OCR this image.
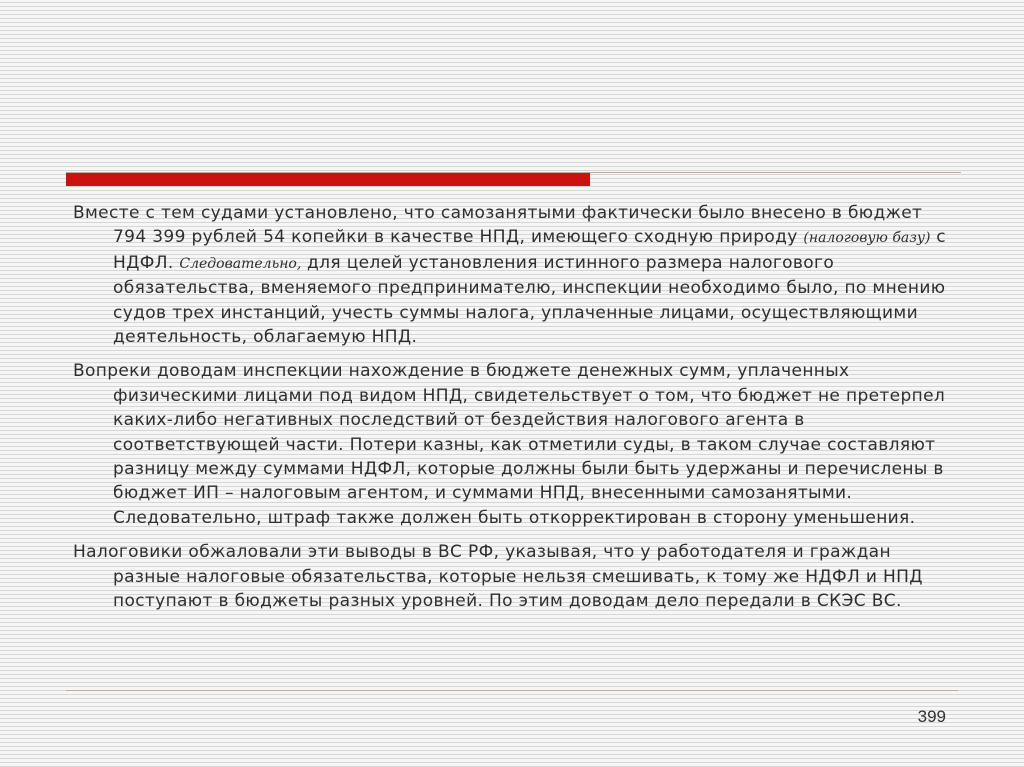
Вместе с тем судами установлено, что самозанятыми фактически было внесено в бюджет 794 399 рублей 54 копейки в качестве НПД, имеющего сходную природу (налоговую базу) с НДФЛ. Следовательно, для целей установления истинного размера налогового обязательства, вменяемого предпринимателю, инспекции необходимо было, по мнению судов трех инстанций, учесть суммы налога, уплаченные лицами, осуществляющими деятельность, облагаемую НПД.

Вопреки доводам инспекции нахождение в бюджете денежных сумм, уплаченных физическими лицами под видом НПД, свидетельствует о том, что бюджет не претерпел каких-либо негативных последствий от бездействия налогового агента в соответствующей части. Потери казны, как отметили суды, в таком случае составляют разницу между суммами НДФЛ, которые должны были быть удержаны и перечислены в бюджет ИП – налоговым агентом, и суммами НПД, внесенными самозанятыми. Следовательно, штраф также должен быть откорректирован в сторону уменьшения.

Налоговики обжаловали эти выводы в ВС РФ, указывая, что у работодателя и граждан разные налоговые обязательства, которые нельзя смешивать, к тому же НДФЛ и НПД поступают в бюджеты разных уровней. По этим доводам дело передали в СКЭС ВС.

399
